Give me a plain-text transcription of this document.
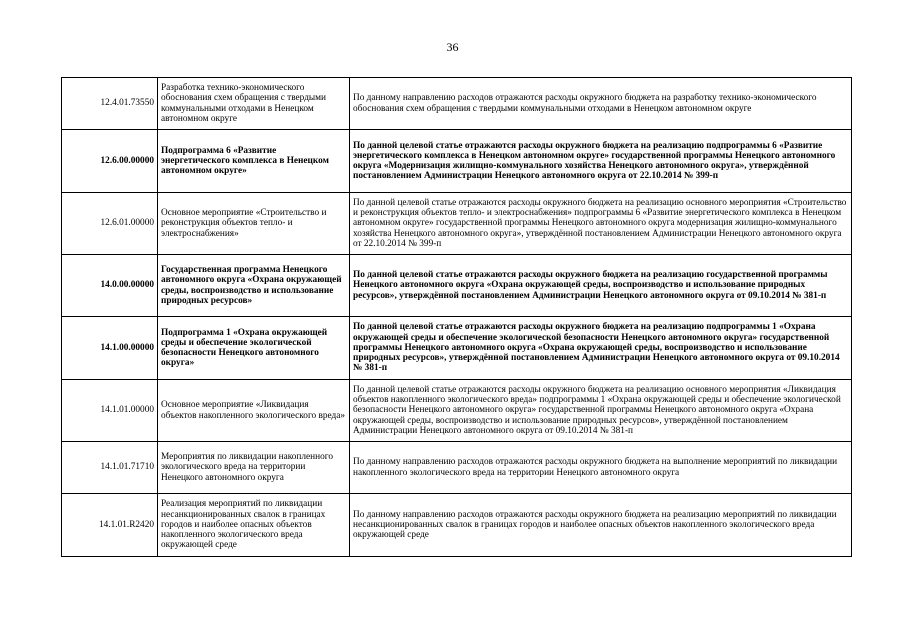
36
12.4.01.73550	Разработка технико-экономического обоснования схем обращения с твердыми коммунальными отходами в Ненецком автономном округе	По данному направлению расходов отражаются расходы окружного бюджета на разработку технико-экономического обоснования схем обращения с твердыми коммунальными отходами в Ненецком автономном округе
12.6.00.00000	Подпрограмма 6 «Развитие энергетического комплекса в Ненецком автономном округе»	По данной целевой статье отражаются расходы окружного бюджета на реализацию подпрограммы 6 «Развитие энергетического комплекса в Ненецком автономном округе» государственной программы Ненецкого автономного округа «Модернизация жилищно-коммунального хозяйства Ненецкого автономного округа», утверждённой постановлением Администрации Ненецкого автономного округа от 22.10.2014 № 399-п
12.6.01.00000	Основное мероприятие «Строительство и реконструкция объектов тепло- и электроснабжения»	По данной целевой статье отражаются расходы окружного бюджета на реализацию основного мероприятия «Строительство и реконструкция объектов тепло- и электроснабжения» подпрограммы 6 «Развитие энергетического комплекса в Ненецком автономном округе» государственной программы Ненецкого автономного округа модернизация жилищно-коммунального хозяйства Ненецкого автономного округа», утверждённой постановлением Администрации Ненецкого автономного округа от 22.10.2014 № 399-п
14.0.00.00000	Государственная программа Ненецкого автономного округа «Охрана окружающей среды, воспроизводство и использование природных ресурсов»	По данной целевой статье отражаются расходы окружного бюджета на реализацию государственной программы Ненецкого автономного округа «Охрана окружающей среды, воспроизводство и использование природных ресурсов», утверждённой постановлением Администрации Ненецкого автономного округа от 09.10.2014 № 381-п
14.1.00.00000	Подпрограмма 1 «Охрана окружающей среды и обеспечение экологической безопасности Ненецкого автономного округа»	По данной целевой статье отражаются расходы окружного бюджета на реализацию подпрограммы 1 «Охрана окружающей среды и обеспечение экологической безопасности Ненецкого автономного округа» государственной программы Ненецкого автономного округа «Охрана окружающей среды, воспроизводство и использование природных ресурсов», утверждённой постановлением Администрации Ненецкого автономного округа от 09.10.2014 № 381-п
14.1.01.00000	Основное мероприятие «Ликвидация объектов накопленного экологического вреда»	По данной целевой статье отражаются расходы окружного бюджета на реализацию основного мероприятия «Ликвидация объектов накопленного экологического вреда» подпрограммы 1 «Охрана окружающей среды и обеспечение экологической безопасности Ненецкого автономного округа» государственной программы Ненецкого автономного округа «Охрана окружающей среды, воспроизводство и использование природных ресурсов», утверждённой постановлением Администрации Ненецкого автономного округа от 09.10.2014 № 381-п
14.1.01.71710	Мероприятия по ликвидации накопленного экологического вреда на территории Ненецкого автономного округа	По данному направлению расходов отражаются расходы окружного бюджета на выполнение мероприятий по ликвидации накопленного экологического вреда на территории Ненецкого автономного округа
14.1.01.R2420	Реализация мероприятий по ликвидации несанкционированных свалок в границах городов и наиболее опасных объектов накопленного экологического вреда окружающей среде	По данному направлению расходов отражаются расходы окружного бюджета на реализацию мероприятий по ликвидации несанкционированных свалок в границах городов и наиболее опасных объектов накопленного экологического вреда окружающей среде
